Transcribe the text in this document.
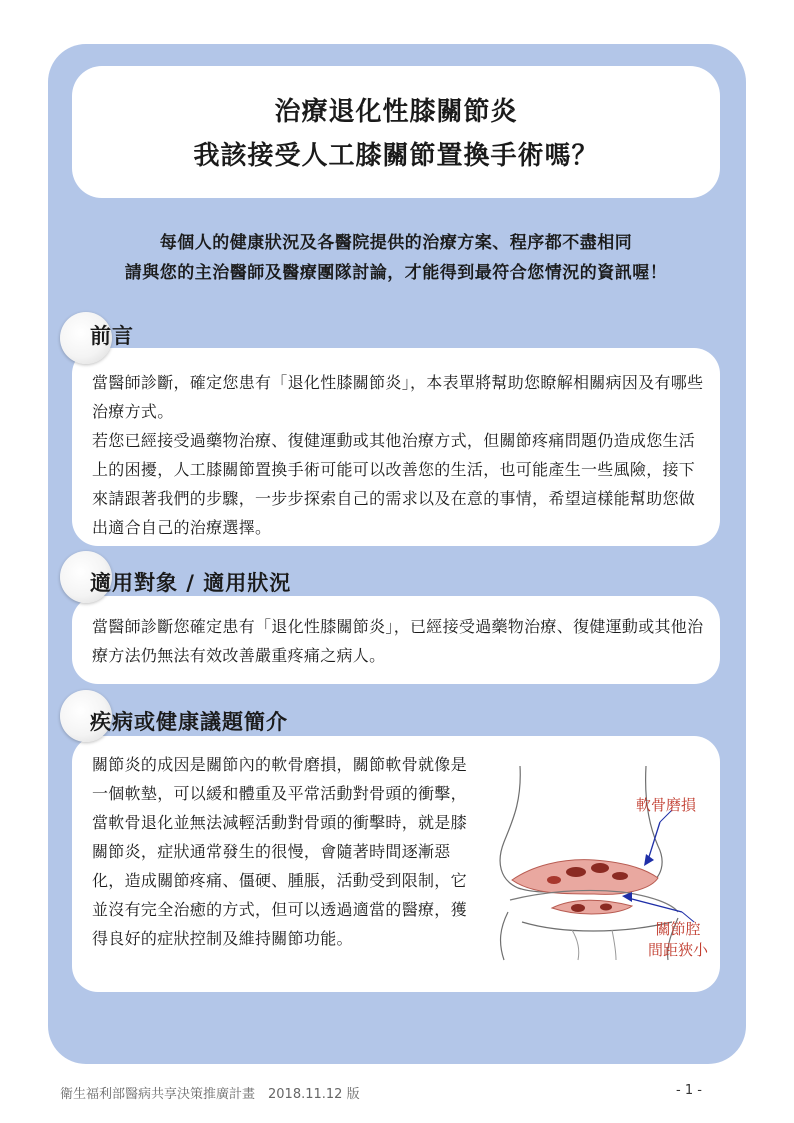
治療退化性膝關節炎
我該接受人工膝關節置換手術嗎？
每個人的健康狀況及各醫院提供的治療方案、程序都不盡相同
請與您的主治醫師及醫療團隊討論，才能得到最符合您情況的資訊喔！
前言

當醫師診斷，確定您患有「退化性膝關節炎」，本表單將幫助您瞭解相關病因及有哪些治療方式。

若您已經接受過藥物治療、復健運動或其他治療方式，但關節疼痛問題仍造成您生活上的困擾，人工膝關節置換手術可能可以改善您的生活，也可能產生一些風險，接下來請跟著我們的步驟，一步步探索自己的需求以及在意的事情，希望這樣能幫助您做出適合自己的治療選擇。

適用對象 / 適用狀況

當醫師診斷您確定患有「退化性膝關節炎」，已經接受過藥物治療、復健運動或其他治療方法仍無法有效改善嚴重疼痛之病人。

疾病或健康議題簡介

關節炎的成因是關節內的軟骨磨損，關節軟骨就像是一個軟墊，可以緩和體重及平常活動對骨頭的衝擊，當軟骨退化並無法減輕活動對骨頭的衝擊時，就是膝關節炎，症狀通常發生的很慢，會隨著時間逐漸惡化，造成關節疼痛、僵硬、腫脹，活動受到限制，它並沒有完全治癒的方式，但可以透過適當的醫療，獲得良好的症狀控制及維持關節功能。

軟骨磨損
關節腔
間距狹小
衛生福利部醫病共享決策推廣計畫　2018.11.12 版	- 1 -
